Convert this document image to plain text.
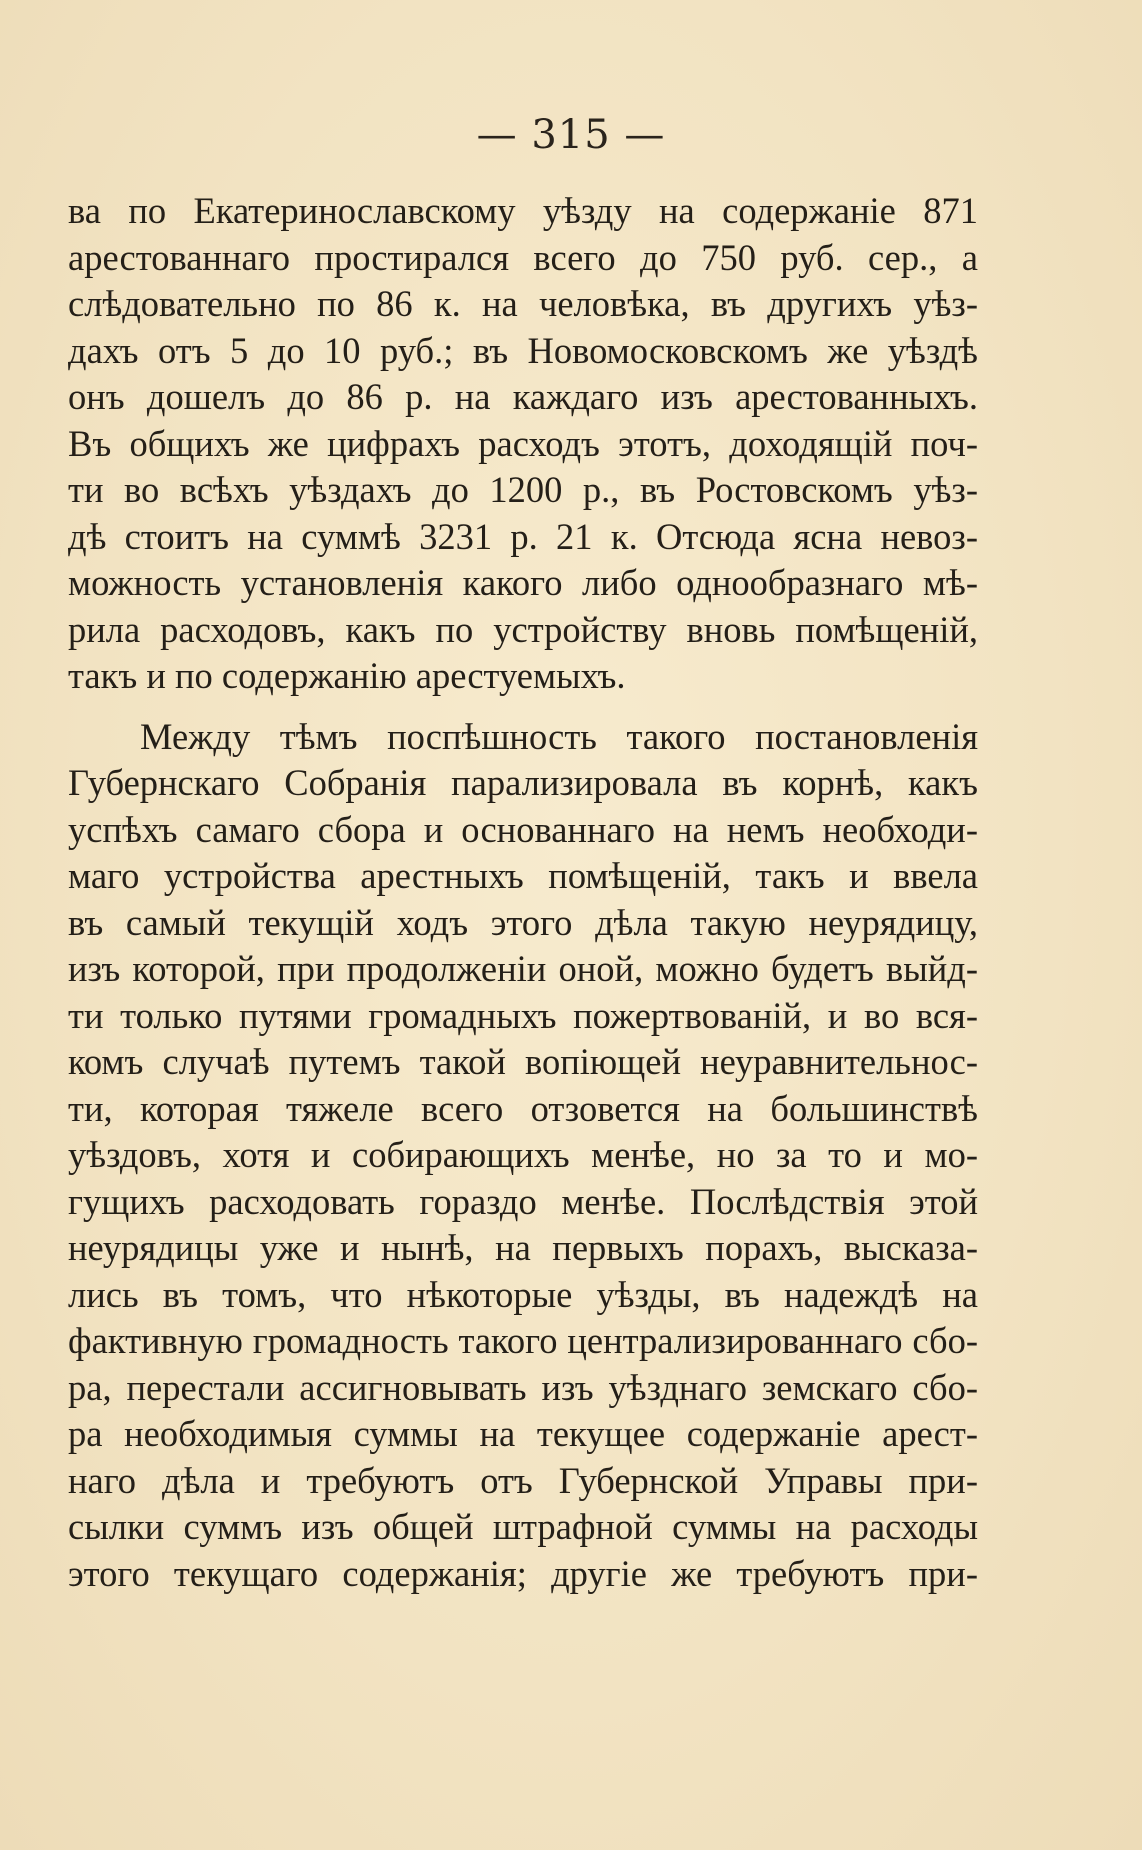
— 315 —
ва по Екатеринославскому уѣзду на содержаніе 871
арестованнаго простирался всего до 750 руб. сер., а
слѣдовательно по 86 к. на человѣка, въ другихъ уѣз-
дахъ отъ 5 до 10 руб.; въ Новомосковскомъ же уѣздѣ
онъ дошелъ до 86 р. на каждаго изъ арестованныхъ.
Въ общихъ же цифрахъ расходъ этотъ, доходящій поч-
ти во всѣхъ уѣздахъ до 1200 р., въ Ростовскомъ уѣз-
дѣ стоитъ на суммѣ 3231 р. 21 к. Отсюда ясна невоз-
можность установленія какого либо однообразнаго мѣ-
рила расходовъ, какъ по устройству вновь помѣщеній,
такъ и по содержанію арестуемыхъ.
Между тѣмъ поспѣшность такого постановленія
Губернскаго Собранія парализировала въ корнѣ, какъ
успѣхъ самаго сбора и основаннаго на немъ необходи-
маго устройства арестныхъ помѣщеній, такъ и ввела
въ самый текущій ходъ этого дѣла такую неурядицу,
изъ которой, при продолженіи оной, можно будетъ выйд-
ти только путями громадныхъ пожертвованій, и во вся-
комъ случаѣ путемъ такой вопіющей неуравнительнос-
ти, которая тяжеле всего отзовется на большинствѣ
уѣздовъ, хотя и собирающихъ менѣе, но за то и мо-
гущихъ расходовать гораздо менѣе. Послѣдствія этой
неурядицы уже и нынѣ, на первыхъ порахъ, высказа-
лись въ томъ, что нѣкоторые уѣзды, въ надеждѣ на
фактивную громадность такого централизированнаго сбо-
ра, перестали ассигновывать изъ уѣзднаго земскаго сбо-
ра необходимыя суммы на текущее содержаніе арест-
наго дѣла и требуютъ отъ Губернской Управы при-
сылки суммъ изъ общей штрафной суммы на расходы
этого текущаго содержанія; другіе же требуютъ при-
